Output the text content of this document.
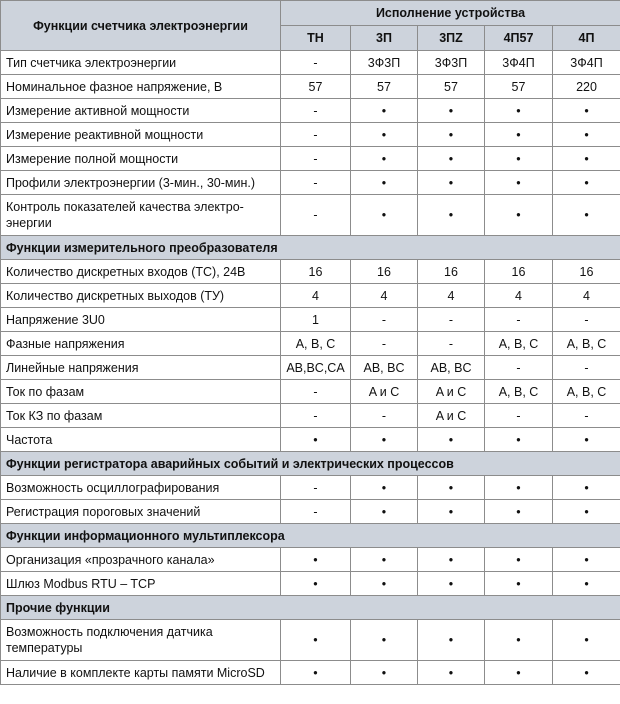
Функции счетчика электроэнергии	Исполнение устройства				
	ТН	3П	3ПZ	4П57	4П
Тип счетчика электроэнергии	-	3Ф3П	3Ф3П	3Ф4П	3Ф4П
Номинальное фазное напряжение, В	57	57	57	57	220
Измерение активной мощности	-	•	•	•	•
Измерение реактивной мощности	-	•	•	•	•
Измерение полной мощности	-	•	•	•	•
Профили электроэнергии (3-мин., 30-мин.)	-	•	•	•	•
Контроль показателей качества электро-энергии	-	•	•	•	•
Функции измерительного преобразователя					
Количество дискретных входов (ТС), 24В	16	16	16	16	16
Количество дискретных выходов (ТУ)	4	4	4	4	4
Напряжение 3U0	1	-	-	-	-
Фазные напряжения	A, B, C	-	-	A, B, C	A, B, C
Линейные напряжения	AB,BC,CA	AB, BC	AB, BC	-	-
Ток по фазам	-	A и C	A и C	A, B, C	A, B, C
Ток КЗ по фазам	-	-	A и C	-	-
Частота	•	•	•	•	•
Функции регистратора аварийных событий и электрических процессов					
Возможность осциллографирования	-	•	•	•	•
Регистрация пороговых значений	-	•	•	•	•
Функции информационного мультиплексора					
Организация «прозрачного канала»	•	•	•	•	•
Шлюз Modbus RTU – TCP	•	•	•	•	•
Прочие функции					
Возможность подключения датчика температуры	•	•	•	•	•
Наличие в комплекте карты памяти MicroSD	•	•	•	•	•
